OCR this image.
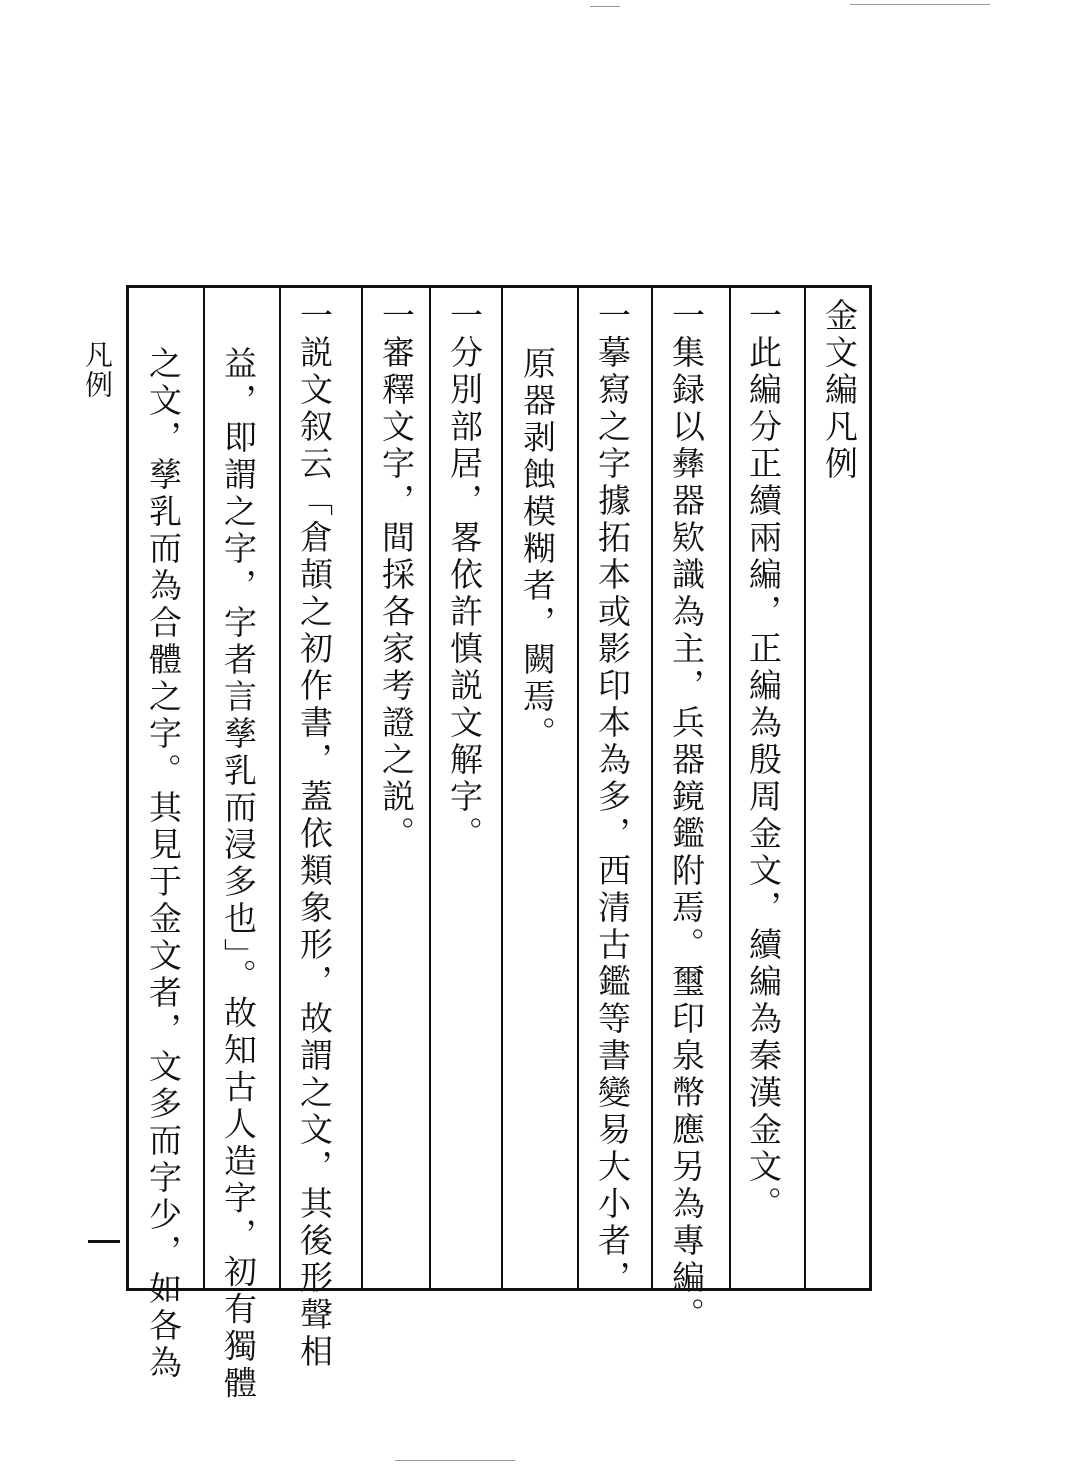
凡例	金文編凡例
一此編分正續兩編，正編為殷周金文，續編為秦漢金文。
一集録以彝器欵識為主，兵器鏡鑑附焉。璽印泉幣應另為專編。
一摹寫之字據拓本或影印本為多，西清古鑑等書變易大小者，
原器剥蝕模糊者，闕焉。
一分別部居，畧依許慎説文解字。
一審釋文字，間採各家考證之説。
一説文叙云「倉頡之初作書，蓋依類象形，故謂之文，其後形聲相
益，即謂之字，字者言孳乳而浸多也」。故知古人造字，初有獨體
之文，孳乳而為合體之字。其見于金文者，文多而字少，如各為
